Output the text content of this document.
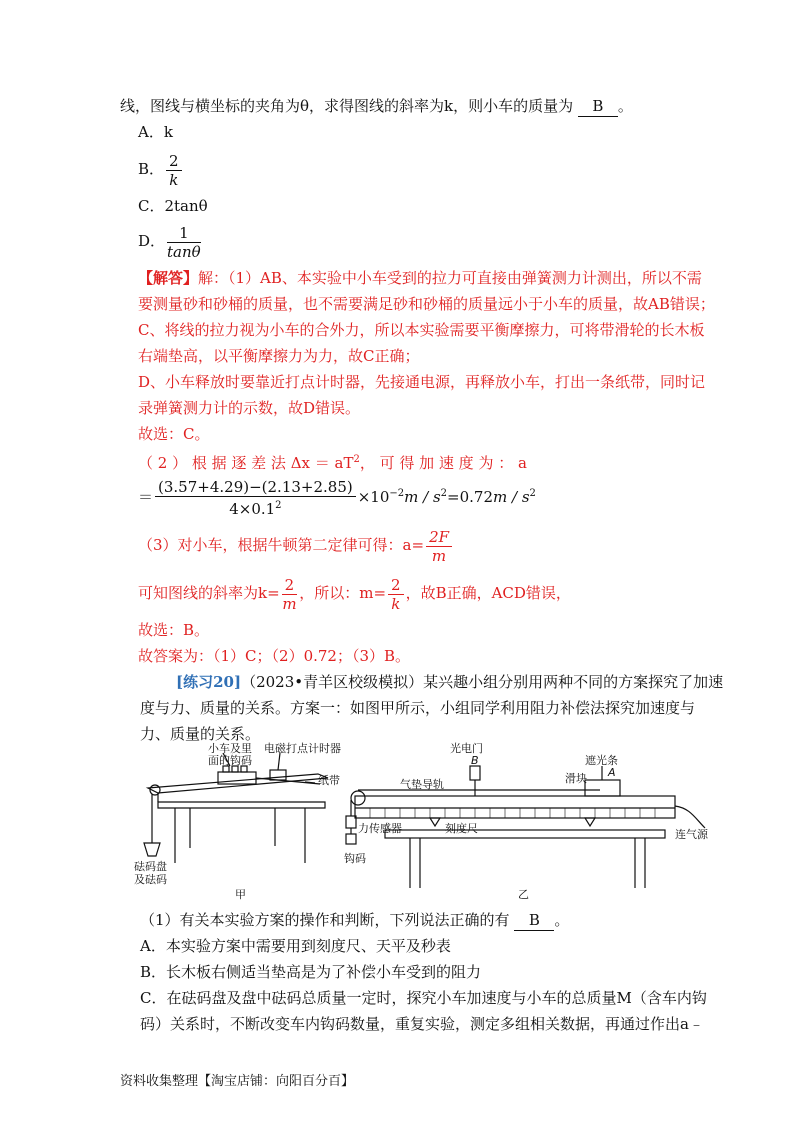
线，图线与横坐标的夹角为θ，求得图线的斜率为k，则小车的质量为 B 。
A．k
B． $\frac{2}{k}$
C．2tanθ
D． $\frac{1}{\tan\theta}$
【解答】解：（1）AB、本实验中小车受到的拉力可直接由弹簧测力计测出，所以不需
要测量砂和砂桶的质量，也不需要满足砂和砂桶的质量远小于小车的质量，故AB错误；
C、将线的拉力视为小车的合外力，所以本实验需要平衡摩擦力，可将带滑轮的长木板
右端垫高，以平衡摩擦力为力，故C正确；
D、小车释放时要靠近打点计时器，先接通电源，再释放小车，打出一条纸带，同时记
录弹簧测力计的示数，故D错误。
故选：C。
（ 2 ） 根 据 逐 差 法 $\Delta x = aT^2$， 可 得 加 速 度 为 ： a
＝ $\frac{(3.57+4.29)-(2.13+2.85)}{4\times 0.1^2} \times 10^{-2}m / s^2=0.72m / s^2$
（3）对小车，根据牛顿第二定律可得：$a= \frac{2F}{m}$
可知图线的斜率为$k= \frac{2}{m}$ ，所以：$m= \frac{2}{k}$ ，故B正确，ACD错误，
故选：B。
故答案为：（1）C；（2）0.72；（3）B。
[练习20]（2023•青羊区校级模拟）某兴趣小组分别用两种不同的方案探究了加速
度与力、质量的关系。方案一：如图甲所示，小组同学利用阻力补偿法探究加速度与
力、质量的关系。
小车及里
面的钩码
电磁打点计时器
纸带
砝码盘
及砝码
甲
光电门
B
气垫导轨
遮光条
滑块 A
力传感器	刻度尺
钩码
连气源
乙
（1）有关本实验方案的操作和判断，下列说法正确的有 B 。
A．本实验方案中需要用到刻度尺、天平及秒表
B．长木板右侧适当垫高是为了补偿小车受到的阻力
C．在砝码盘及盘中砝码总质量一定时，探究小车加速度与小车的总质量M（含车内钩
码）关系时，不断改变车内钩码数量，重复实验，测定多组相关数据，再通过作出a﹣
资料收集整理【淘宝店铺：向阳百分百】
